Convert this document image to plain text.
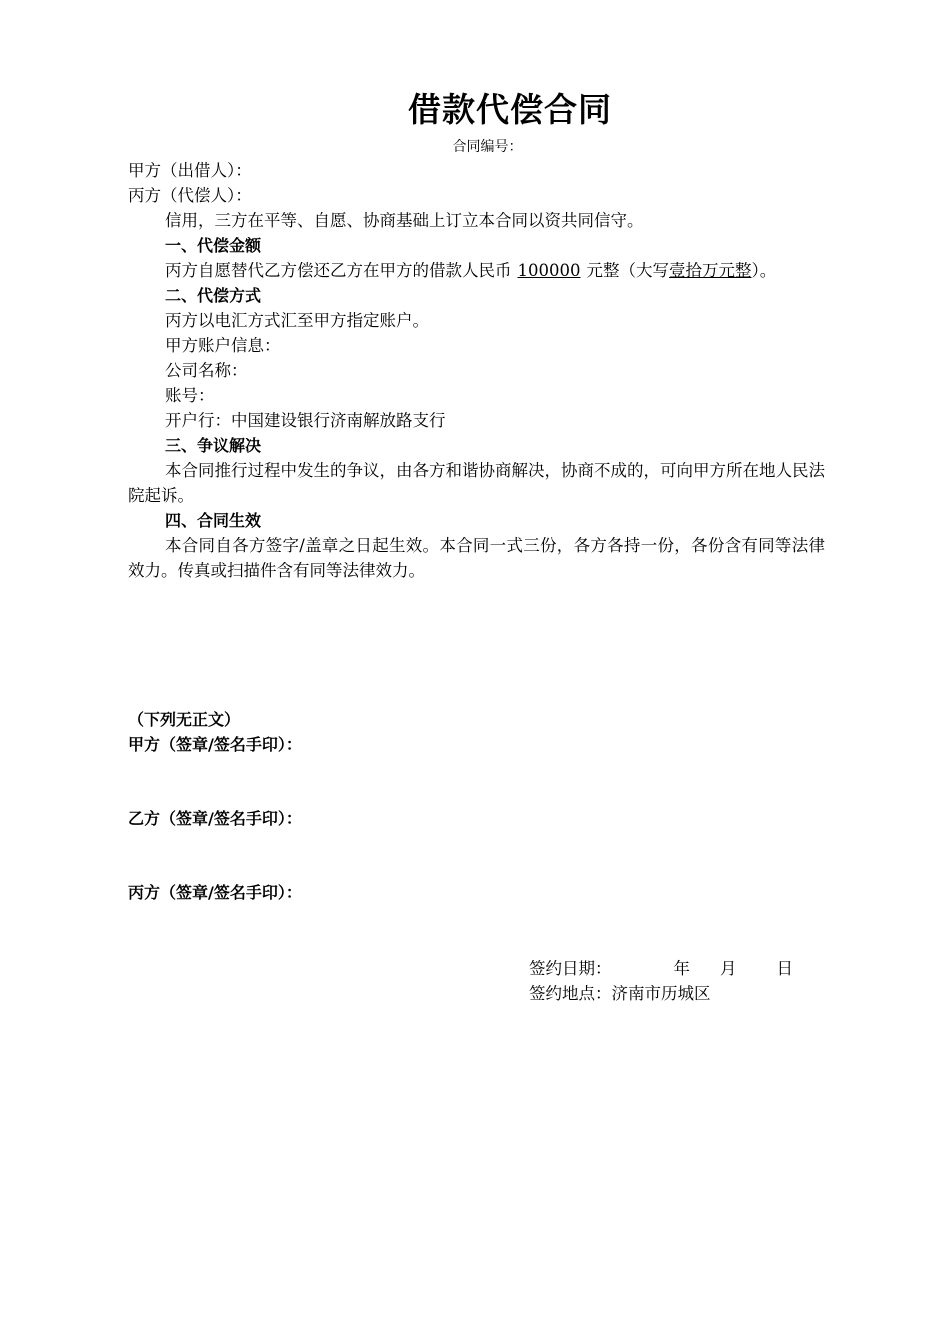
借款代偿合同
合同编号：
甲方（出借人）：
丙方（代偿人）：
信用，三方在平等、自愿、协商基础上订立本合同以资共同信守。
一、代偿金额
丙方自愿替代乙方偿还乙方在甲方的借款人民币 100000 元整（大写壹拾万元整）。
二、代偿方式
丙方以电汇方式汇至甲方指定账户。
甲方账户信息：
公司名称：
账号：
开户行：中国建设银行济南解放路支行
三、争议解决
本合同推行过程中发生的争议，由各方和谐协商解决，协商不成的，可向甲方所在地人民法院起诉。
四、合同生效
本合同自各方签字/盖章之日起生效。本合同一式三份，各方各持一份，各份含有同等法律效力。传真或扫描件含有同等法律效力。
（下列无正文）
甲方（签章/签名手印）：
乙方（签章/签名手印）：
丙方（签章/签名手印）：
签约日期：	年 月 日
签约地点：济南市历城区
